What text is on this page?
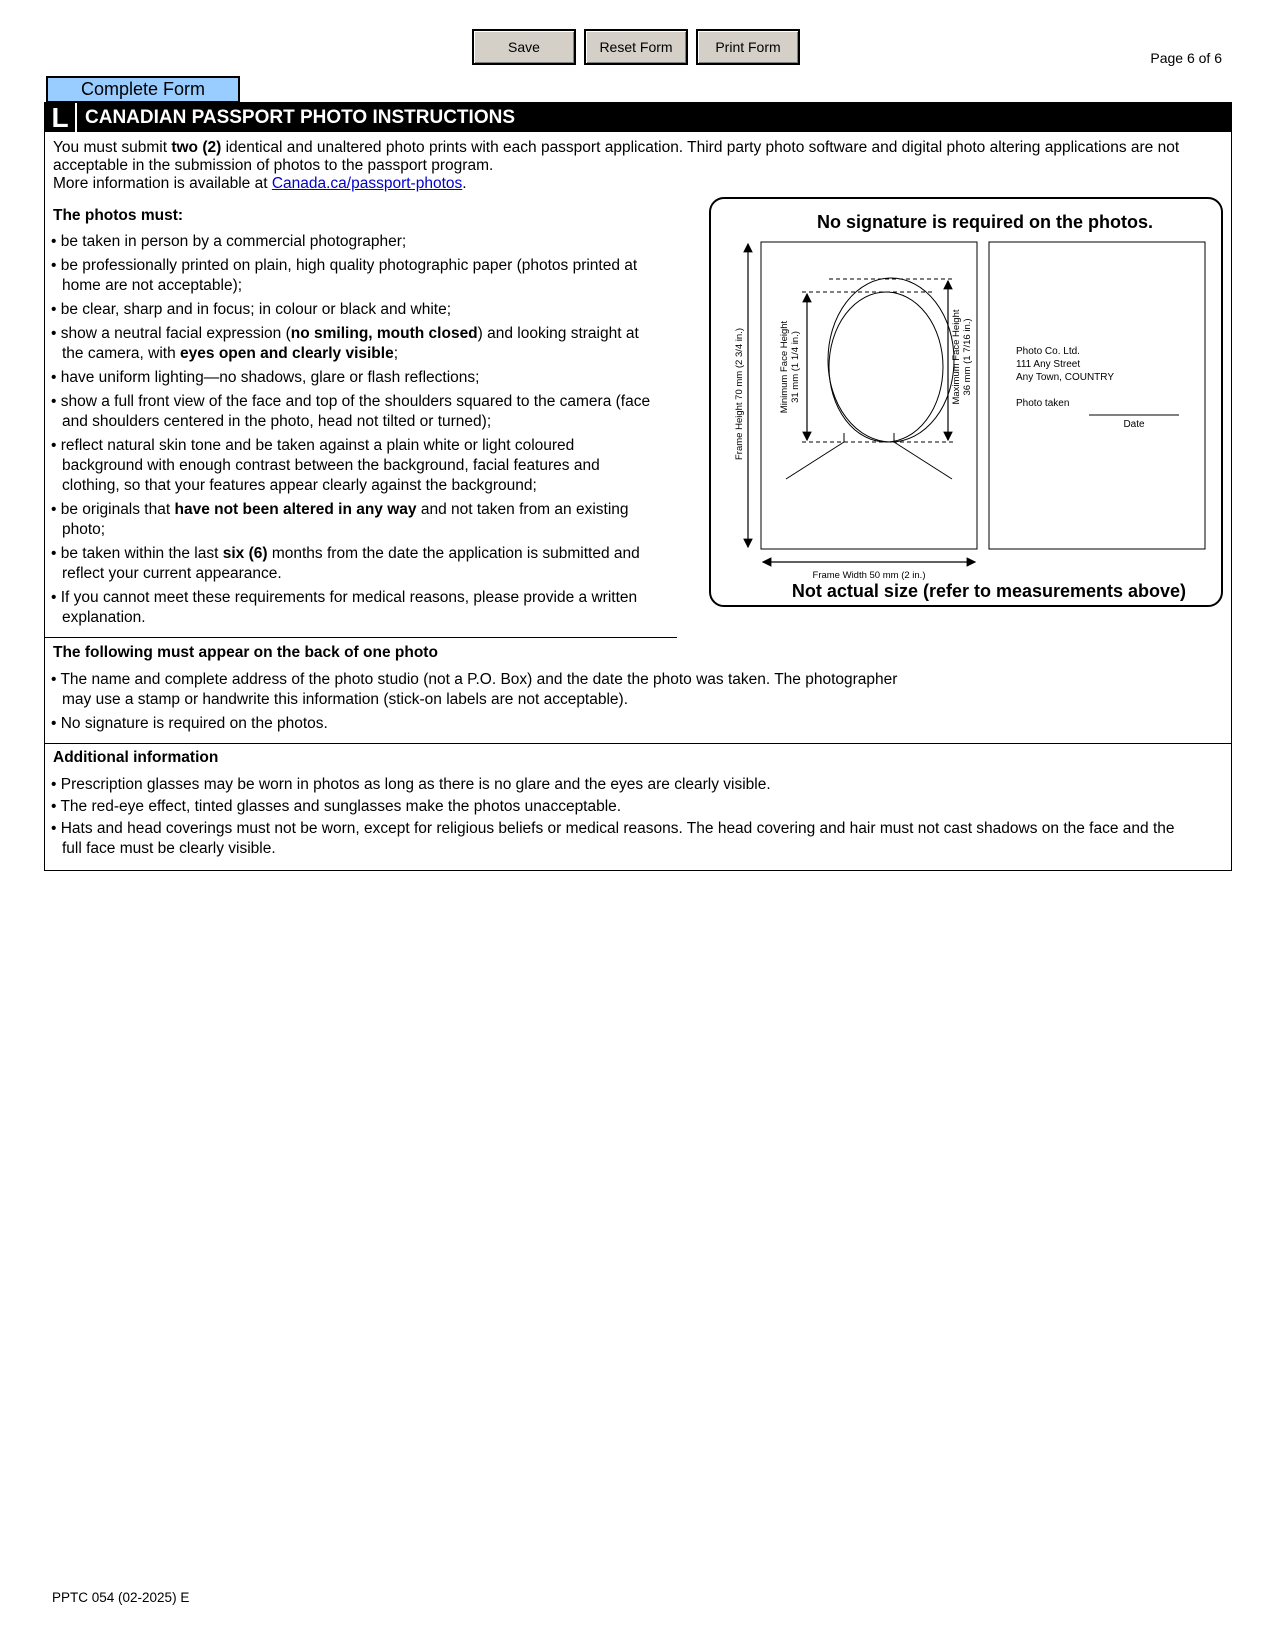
Save	Reset Form	Print Form
Page 6 of 6
Complete Form
L CANADIAN PASSPORT PHOTO INSTRUCTIONS
You must submit two (2) identical and unaltered photo prints with each passport application. Third party photo software and digital photo altering applications are not acceptable in the submission of photos to the passport program.
More information is available at Canada.ca/passport-photos.
The photos must:
• be taken in person by a commercial photographer;
• be professionally printed on plain, high quality photographic paper (photos printed at home are not acceptable);
• be clear, sharp and in focus; in colour or black and white;
• show a neutral facial expression (no smiling, mouth closed) and looking straight at the camera, with eyes open and clearly visible;
• have uniform lighting—no shadows, glare or flash reflections;
• show a full front view of the face and top of the shoulders squared to the camera (face and shoulders centered in the photo, head not tilted or turned);
• reflect natural skin tone and be taken against a plain white or light coloured background with enough contrast between the background, facial features and clothing, so that your features appear clearly against the background;
• be originals that have not been altered in any way and not taken from an existing photo;
• be taken within the last six (6) months from the date the application is submitted and reflect your current appearance.
• If you cannot meet these requirements for medical reasons, please provide a written explanation.
No signature is required on the photos.
Frame Height 70 mm (2 3/4 in.)
Frame Width 50 mm (2 in.)
Minimum Face Height 31 mm (1 1/4 in.)	Maximum Face Height 36 mm (1 7/16 in.)	Photo Co. Ltd.
111 Any Street
Any Town, COUNTRY
Photo taken
Date
Not actual size (refer to measurements above)
The following must appear on the back of one photo
• The name and complete address of the photo studio (not a P.O. Box) and the date the photo was taken. The photographer may use a stamp or handwrite this information (stick-on labels are not acceptable).
• No signature is required on the photos.
Additional information
• Prescription glasses may be worn in photos as long as there is no glare and the eyes are clearly visible.
• The red-eye effect, tinted glasses and sunglasses make the photos unacceptable.
• Hats and head coverings must not be worn, except for religious beliefs or medical reasons. The head covering and hair must not cast shadows on the face and the full face must be clearly visible.
PPTC 054 (02-2025) E
